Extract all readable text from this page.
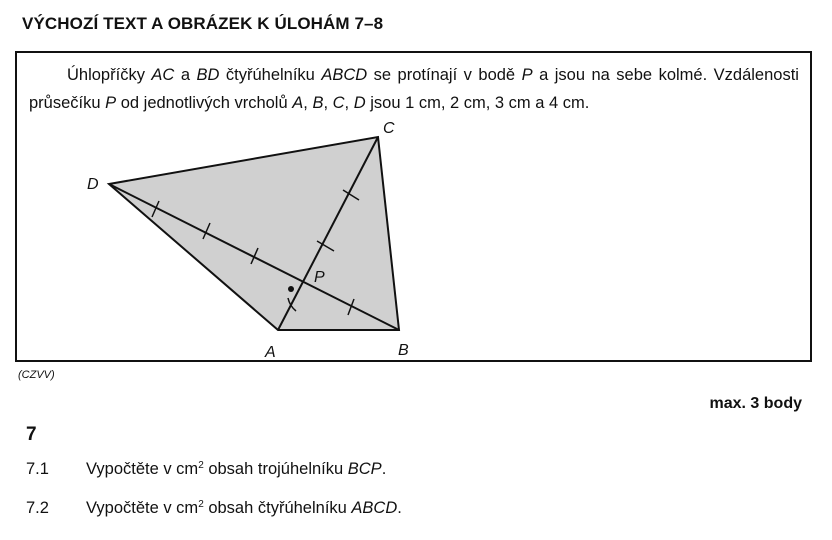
VÝCHOZÍ TEXT A OBRÁZEK K ÚLOHÁM 7–8

Úhlopříčky AC a BD čtyřúhelníku ABCD se protínají v bodě P a jsou na sebe kolmé. Vzdálenosti průsečíku P od jednotlivých vrcholů A, B, C, D jsou 1 cm, 2 cm, 3 cm a 4 cm.

A	B
C
D
P
(CZVV)
max. 3 body
7
7.1 Vypočtěte v $cm^2$ obsah trojúhelníku BCP.
7.2 Vypočtěte v $cm^2$ obsah čtyřúhelníku ABCD.
